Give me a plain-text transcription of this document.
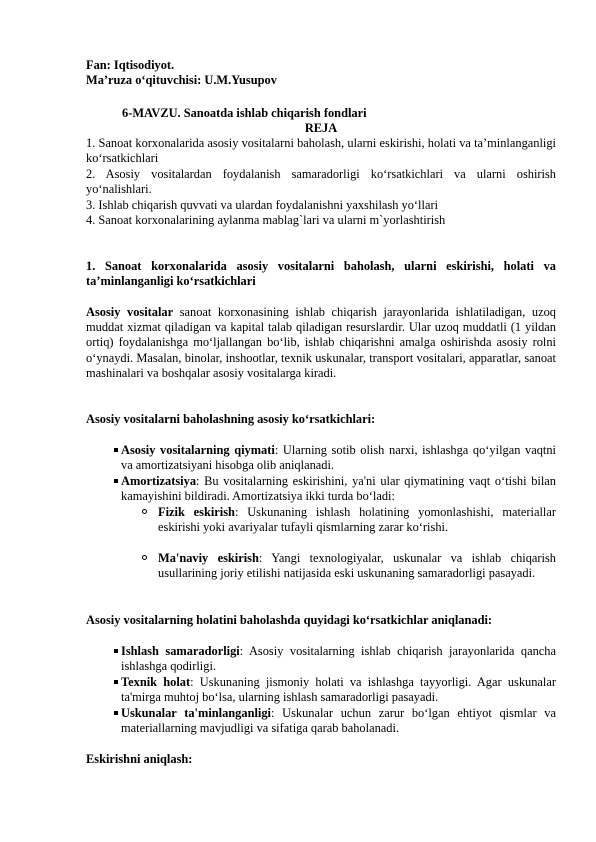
Fan: Iqtisodiyot.
Ma’ruza o‘qituvchisi: U.M.Yusupov
6-MAVZU. Sanoatda ishlab chiqarish fondlari
REJA
1. Sanoat korxonalarida asosiy vositalarni baholash, ularni eskirishi, holati va ta’minlanganligi ko‘rsatkichlari
2. Asosiy vositalardan foydalanish samaradorligi ko‘rsatkichlari va ularni oshirish yo‘nalishlari.
3. Ishlab chiqarish quvvati va ulardan foydalanishni yaxshilash yo‘llari
4. Sanoat korxonalarining aylanma mablag`lari va ularni m`yorlashtirish
1. Sanoat korxonalarida asosiy vositalarni baholash, ularni eskirishi, holati va ta’minlanganligi ko‘rsatkichlari
Asosiy vositalar sanoat korxonasining ishlab chiqarish jarayonlarida ishlatiladigan, uzoq muddat xizmat qiladigan va kapital talab qiladigan resurslardir. Ular uzoq muddatli (1 yildan ortiq) foydalanishga mo‘ljallangan bo‘lib, ishlab chiqarishni amalga oshirishda asosiy rolni o‘ynaydi. Masalan, binolar, inshootlar, texnik uskunalar, transport vositalari, apparatlar, sanoat mashinalari va boshqalar asosiy vositalarga kiradi.
Asosiy vositalarni baholashning asosiy ko‘rsatkichlari:
Asosiy vositalarning qiymati: Ularning sotib olish narxi, ishlashga qo‘yilgan vaqtni va amortizatsiyani hisobga olib aniqlanadi.
Amortizatsiya: Bu vositalarning eskirishini, ya'ni ular qiymatining vaqt o‘tishi bilan kamayishini bildiradi. Amortizatsiya ikki turda bo‘ladi:
Fizik eskirish: Uskunaning ishlash holatining yomonlashishi, materiallar eskirishi yoki avariyalar tufayli qismlarning zarar ko‘rishi.
Ma'naviy eskirish: Yangi texnologiyalar, uskunalar va ishlab chiqarish usullarining joriy etilishi natijasida eski uskunaning samaradorligi pasayadi.
Asosiy vositalarning holatini baholashda quyidagi ko‘rsatkichlar aniqlanadi:
Ishlash samaradorligi: Asosiy vositalarning ishlab chiqarish jarayonlarida qancha ishlashga qodirligi.
Texnik holat: Uskunaning jismoniy holati va ishlashga tayyorligi. Agar uskunalar ta'mirga muhtoj bo‘lsa, ularning ishlash samaradorligi pasayadi.
Uskunalar ta'minlanganligi: Uskunalar uchun zarur bo‘lgan ehtiyot qismlar va materiallarning mavjudligi va sifatiga qarab baholanadi.
Eskirishni aniqlash:
